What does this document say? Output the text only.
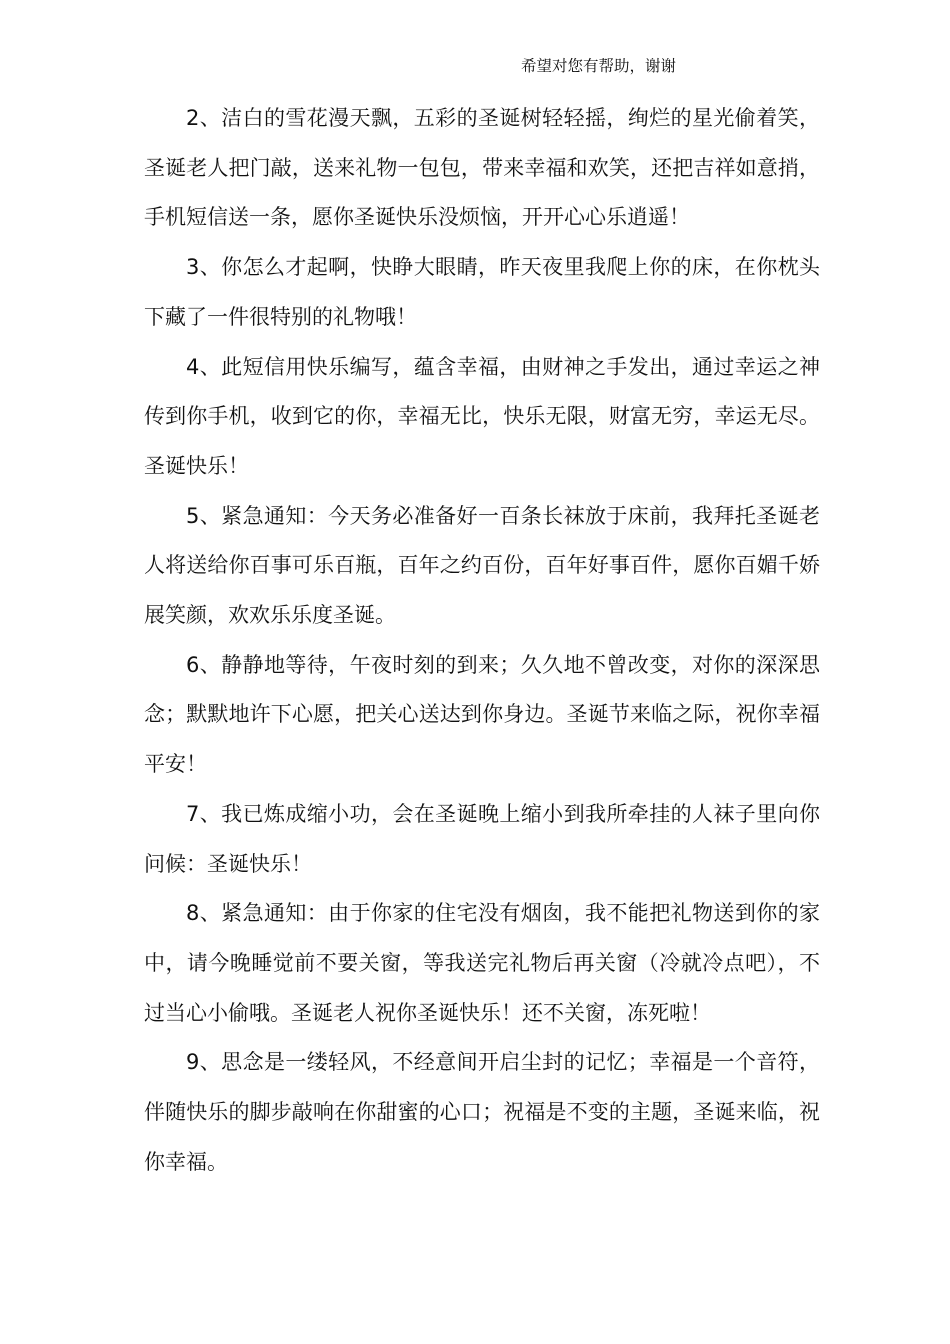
希望对您有帮助，谢谢

2、洁白的雪花漫天飘，五彩的圣诞树轻轻摇，绚烂的星光偷着笑，圣诞老人把门敲，送来礼物一包包，带来幸福和欢笑，还把吉祥如意捎，手机短信送一条，愿你圣诞快乐没烦恼，开开心心乐逍遥！

3、你怎么才起啊，快睁大眼睛，昨天夜里我爬上你的床，在你枕头下藏了一件很特别的礼物哦！

4、此短信用快乐编写，蕴含幸福，由财神之手发出，通过幸运之神传到你手机，收到它的你，幸福无比，快乐无限，财富无穷，幸运无尽。圣诞快乐！

5、紧急通知：今天务必准备好一百条长袜放于床前，我拜托圣诞老人将送给你百事可乐百瓶，百年之约百份，百年好事百件，愿你百媚千娇展笑颜，欢欢乐乐度圣诞。

6、静静地等待，午夜时刻的到来；久久地不曾改变，对你的深深思念；默默地许下心愿，把关心送达到你身边。圣诞节来临之际，祝你幸福平安！

7、我已炼成缩小功，会在圣诞晚上缩小到我所牵挂的人袜子里向你问候：圣诞快乐！

8、紧急通知：由于你家的住宅没有烟囱，我不能把礼物送到你的家中，请今晚睡觉前不要关窗，等我送完礼物后再关窗（冷就冷点吧），不过当心小偷哦。圣诞老人祝你圣诞快乐！还不关窗，冻死啦！

9、思念是一缕轻风，不经意间开启尘封的记忆；幸福是一个音符，伴随快乐的脚步敲响在你甜蜜的心口；祝福是不变的主题，圣诞来临，祝你幸福。
